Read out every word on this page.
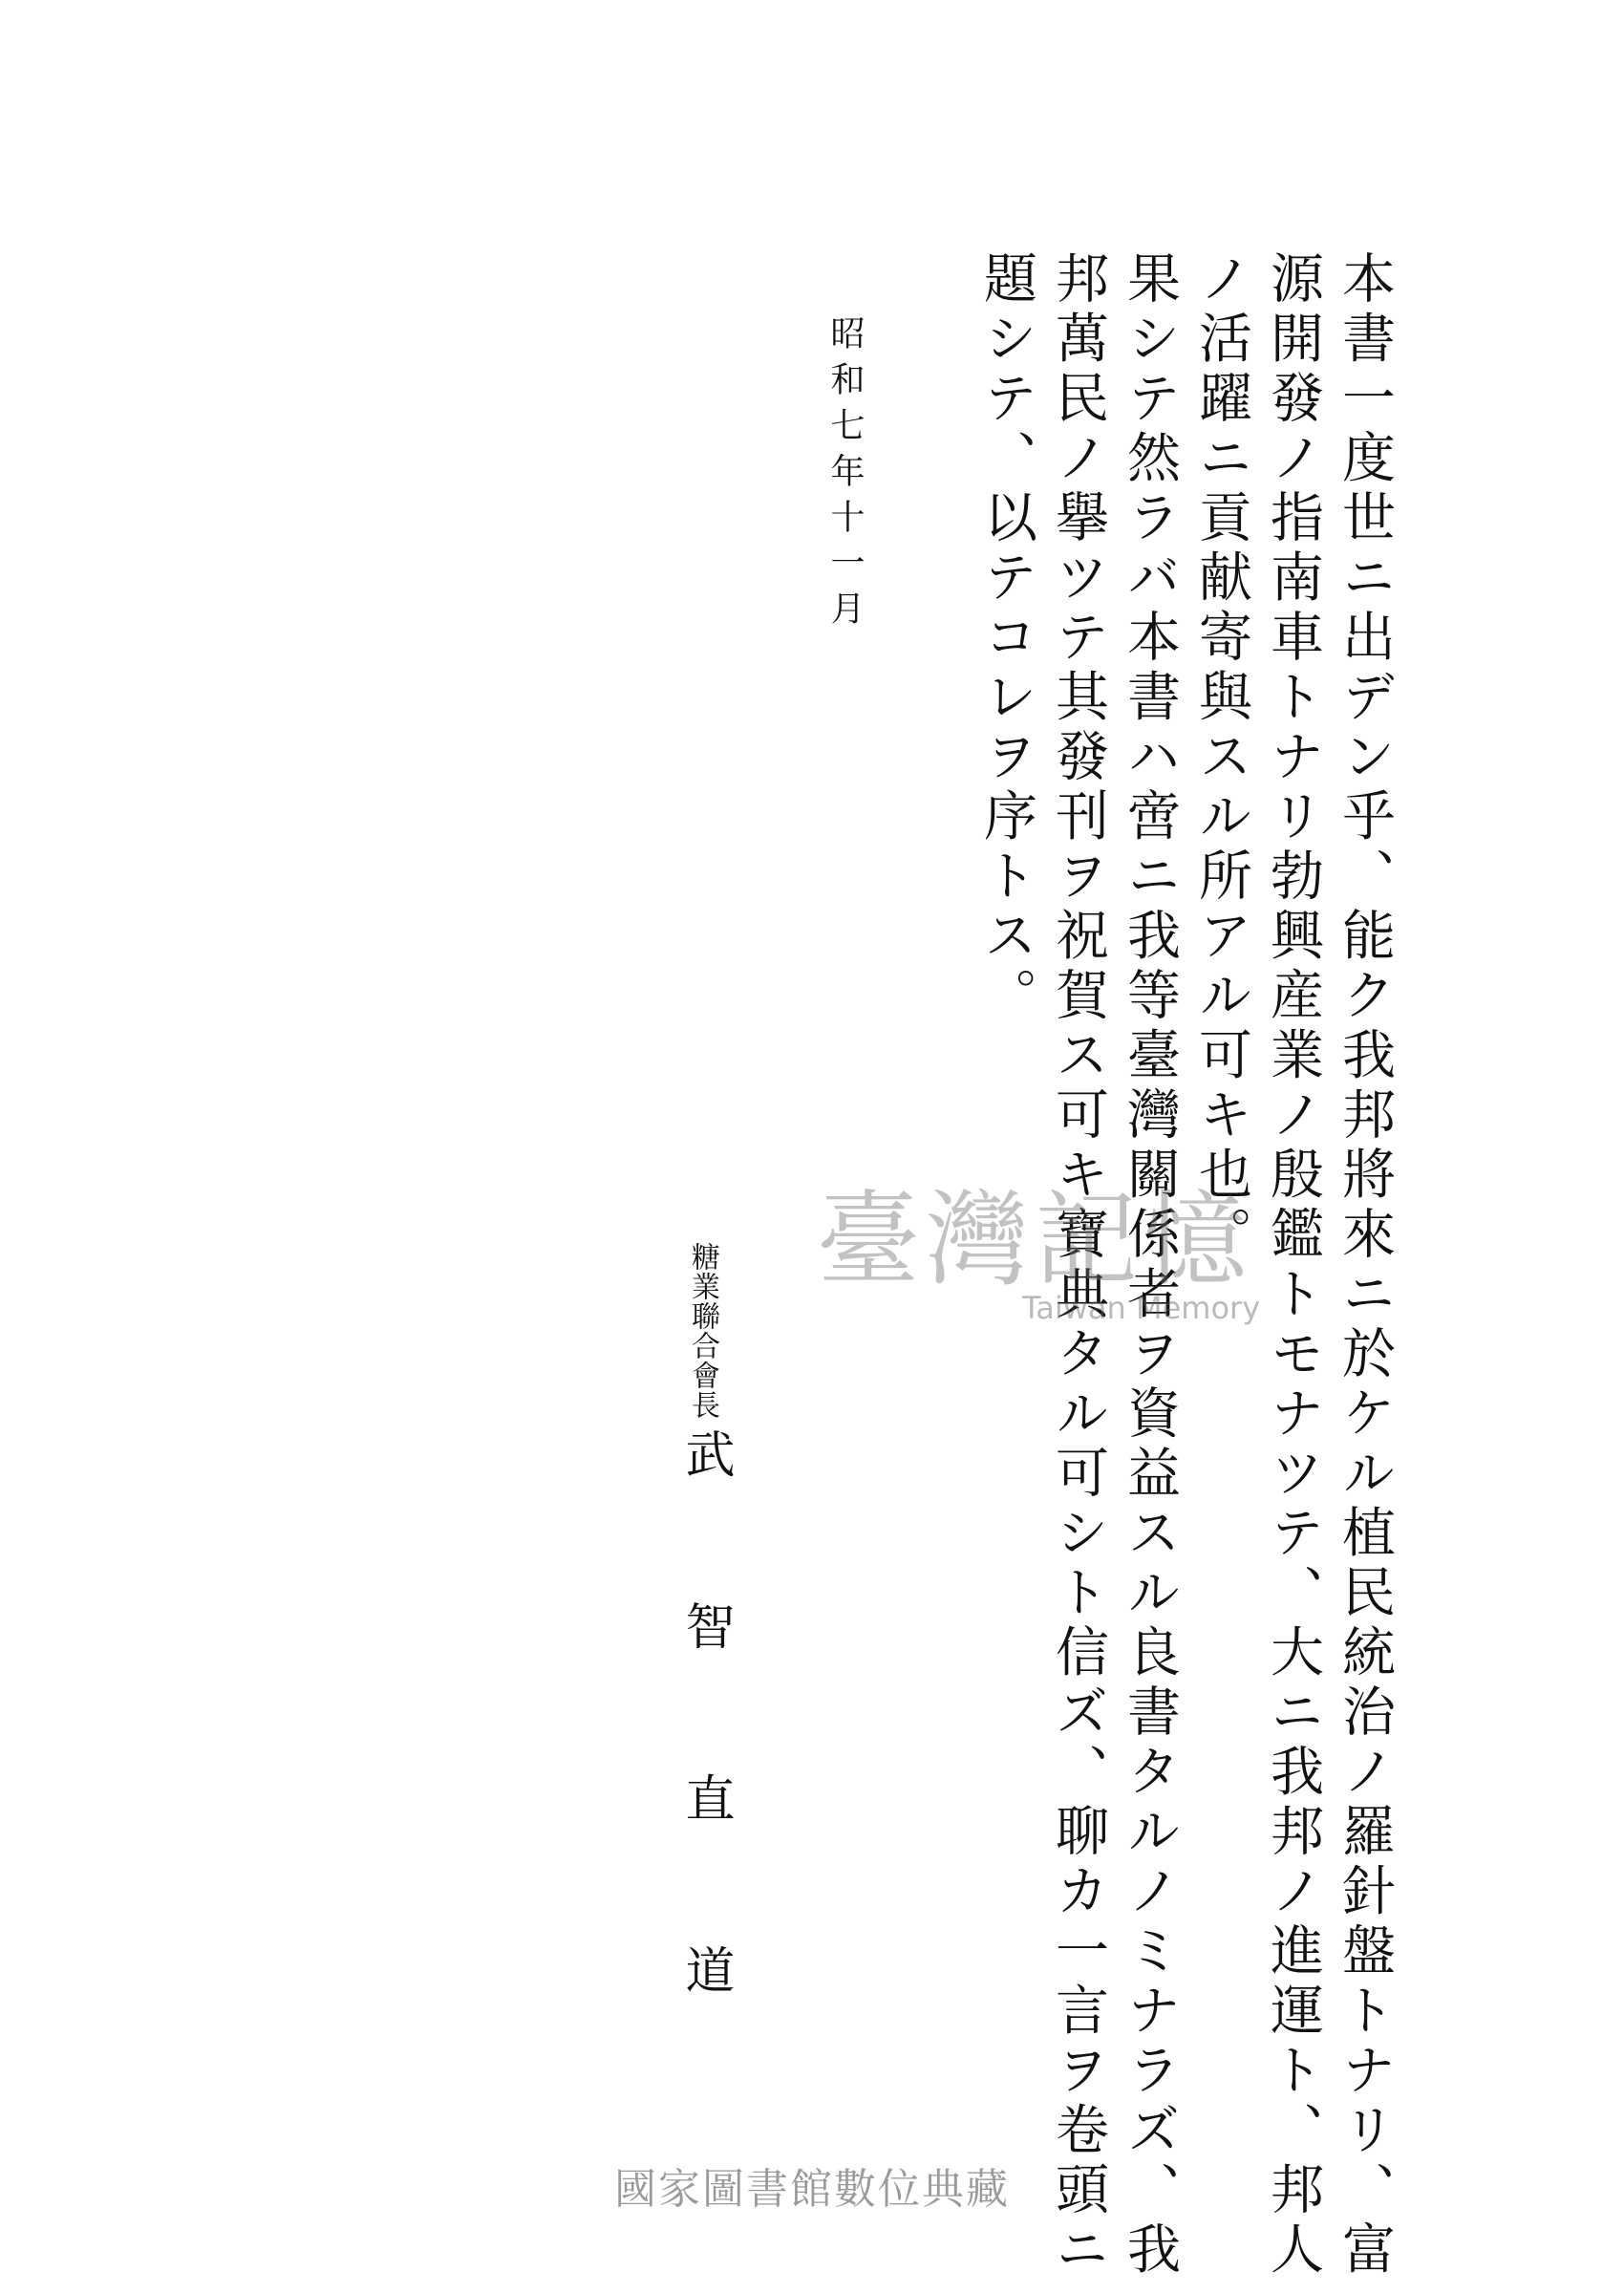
本書一度世ニ出デン乎、能ク我邦將來ニ於ケル植民統治ノ羅針盤トナリ、富

源開發ノ指南車トナリ勃興産業ノ殷鑑トモナツテ、大ニ我邦ノ進運ト、邦人

ノ活躍ニ貢献寄與スル所アル可キ也。

果シテ然ラバ本書ハ啻ニ我等臺灣關係者ヲ資益スル良書タルノミナラズ、我

邦萬民ノ擧ツテ其發刊ヲ祝賀ス可キ寶典タル可シト信ズ、聊カ一言ヲ卷頭ニ

題シテ、以テコレヲ序トス。

昭和七年十一月

糖業聯合會長

武智直道

臺灣記憶
Taiwan Memory

國家圖書館數位典藏
